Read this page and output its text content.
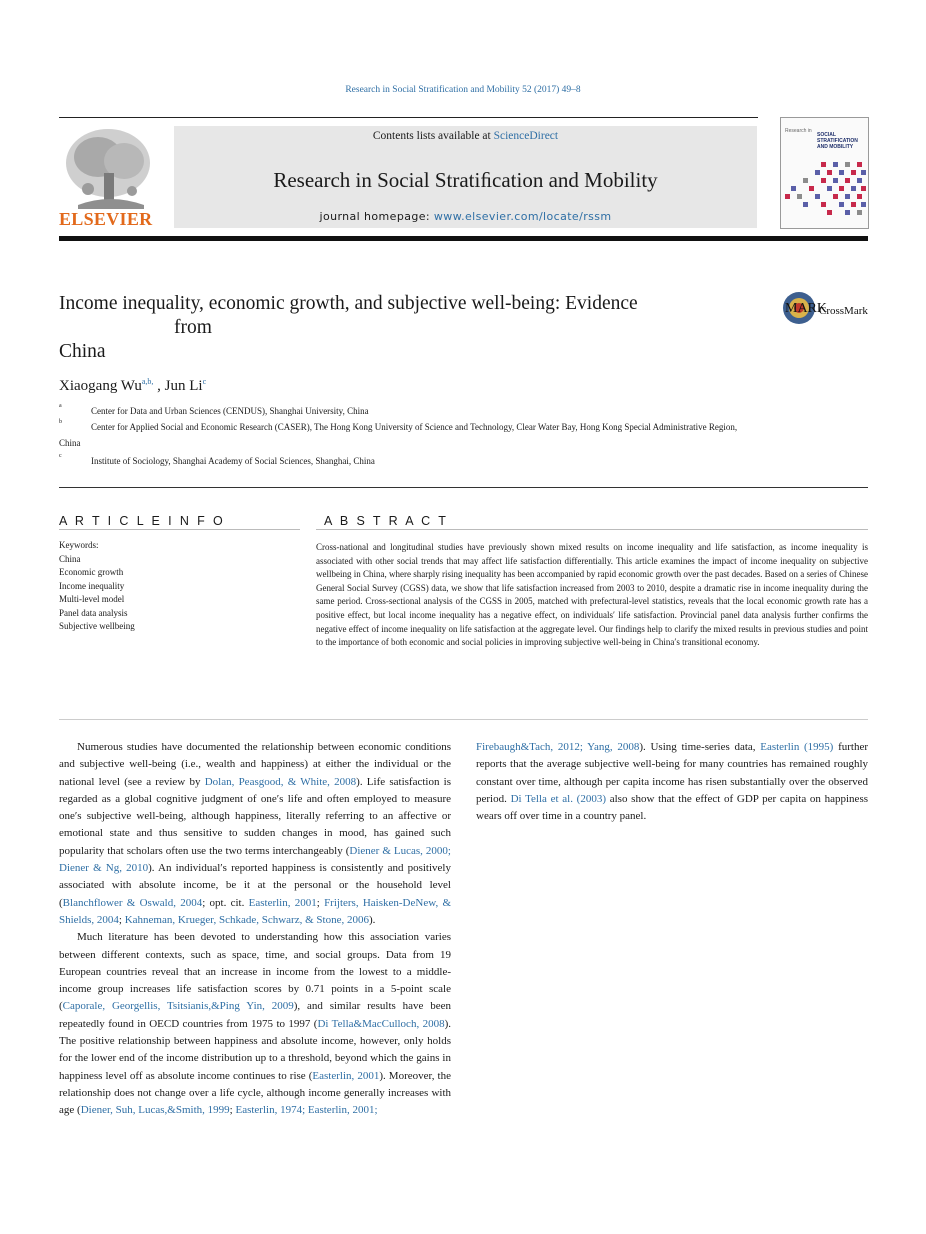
Research in Social Stratification and Mobility 52 (2017) 49–8
ELSEVIER
Contents lists available at ScienceDirect
Research in Social Stratiﬁcation and Mobility
journal homepage: www.elsevier.com/locate/rssm
Research in
SOCIAL STRATIFICATION AND MOBILITY
Income inequality, economic growth, and subjective well-being: Evidence
from
China
MARK
CrossMark
Xiaogang $Wu^{a,b,}$ , Jun Li$^c$
a	Center for Data and Urban Sciences (CENDUS), Shanghai University, China
b	Center for Applied Social and Economic Research (CASER), The Hong Kong University of Science and Technology, Clear Water Bay, Hong Kong Special Administrative Region,
China
c	Institute of Sociology, Shanghai Academy of Social Sciences, Shanghai, China
A R T I C L E I N F O	A B S T R A C T
Keywords:
China
Economic growth
Income inequality
Multi-level model
Panel data analysis
Subjective wellbeing
Cross-national and longitudinal studies have previously shown mixed results on income inequality and life satisfaction, as income inequality is associated with other social trends that may affect life satisfaction differentially. This article examines the impact of income inequality on subjective wellbeing in China, where sharply rising inequality has been accompanied by rapid economic growth over the past decades. Based on a series of Chinese General Social Survey (CGSS) data, we show that life satisfaction increased from 2003 to 2010, despite a dramatic rise in income inequality during the same period. Cross-sectional analysis of the CGSS in 2005, matched with prefectural-level statistics, reveals that the local economic growth rate has a positive effect, but local income inequality has a negative effect, on individuals′ life satisfaction. Provincial panel data analysis further confirms the negative effect of income inequality on life satisfaction at the aggregate level. Our findings help to clarify the mixed results in previous studies and point to the importance of both economic and social policies in improving subjective well-being in China′s transitional economy.

Numerous studies have documented the relationship between economic conditions and subjective well-being (i.e., wealth and happiness) at either the individual or the national level (see a review by Dolan, Peasgood, & White, 2008). Life satisfaction is regarded as a global cognitive judgment of one′s life and often employed to measure one′s subjective well-being, although happiness, literally referring to an affective or emotional state and thus sensitive to sudden changes in mood, has gained such popularity that scholars often use the two terms interchangeably (Diener & Lucas, 2000; Diener & Ng, 2010). An individual′s reported happiness is consistently and positively associated with absolute income, be it at the personal or the household level (Blanchflower & Oswald, 2004; opt. cit. Easterlin, 2001; Frijters, Haisken-DeNew, & Shields, 2004; Kahneman, Krueger, Schkade, Schwarz, & Stone, 2006).

Much literature has been devoted to understanding how this association varies between different contexts, such as space, time, and social groups. Data from 19 European countries reveal that an increase in income from the lowest to a middle-income group increases life satisfaction scores by 0.71 points in a 5-point scale (Caporale, Georgellis, Tsitsianis,&Ping Yin, 2009), and similar results have been repeatedly found in OECD countries from 1975 to 1997 (Di Tella&MacCulloch, 2008). The positive relationship between happiness and absolute income, however, only holds for the lower end of the income distribution up to a threshold, beyond which the gains in happiness level off as absolute income continues to rise (Easterlin, 2001). Moreover, the relationship does not change over a life cycle, although income generally increases with age (Diener, Suh, Lucas,&Smith, 1999; Easterlin, 1974; Easterlin, 2001;

Firebaugh&Tach, 2012; Yang, 2008). Using time-series data, Easterlin (1995) further reports that the average subjective well-being for many countries has remained roughly constant over time, although per capita income has risen substantially over the observed period. Di Tella et al. (2003) also show that the effect of GDP per capita on happiness wears off over time in a country panel.
